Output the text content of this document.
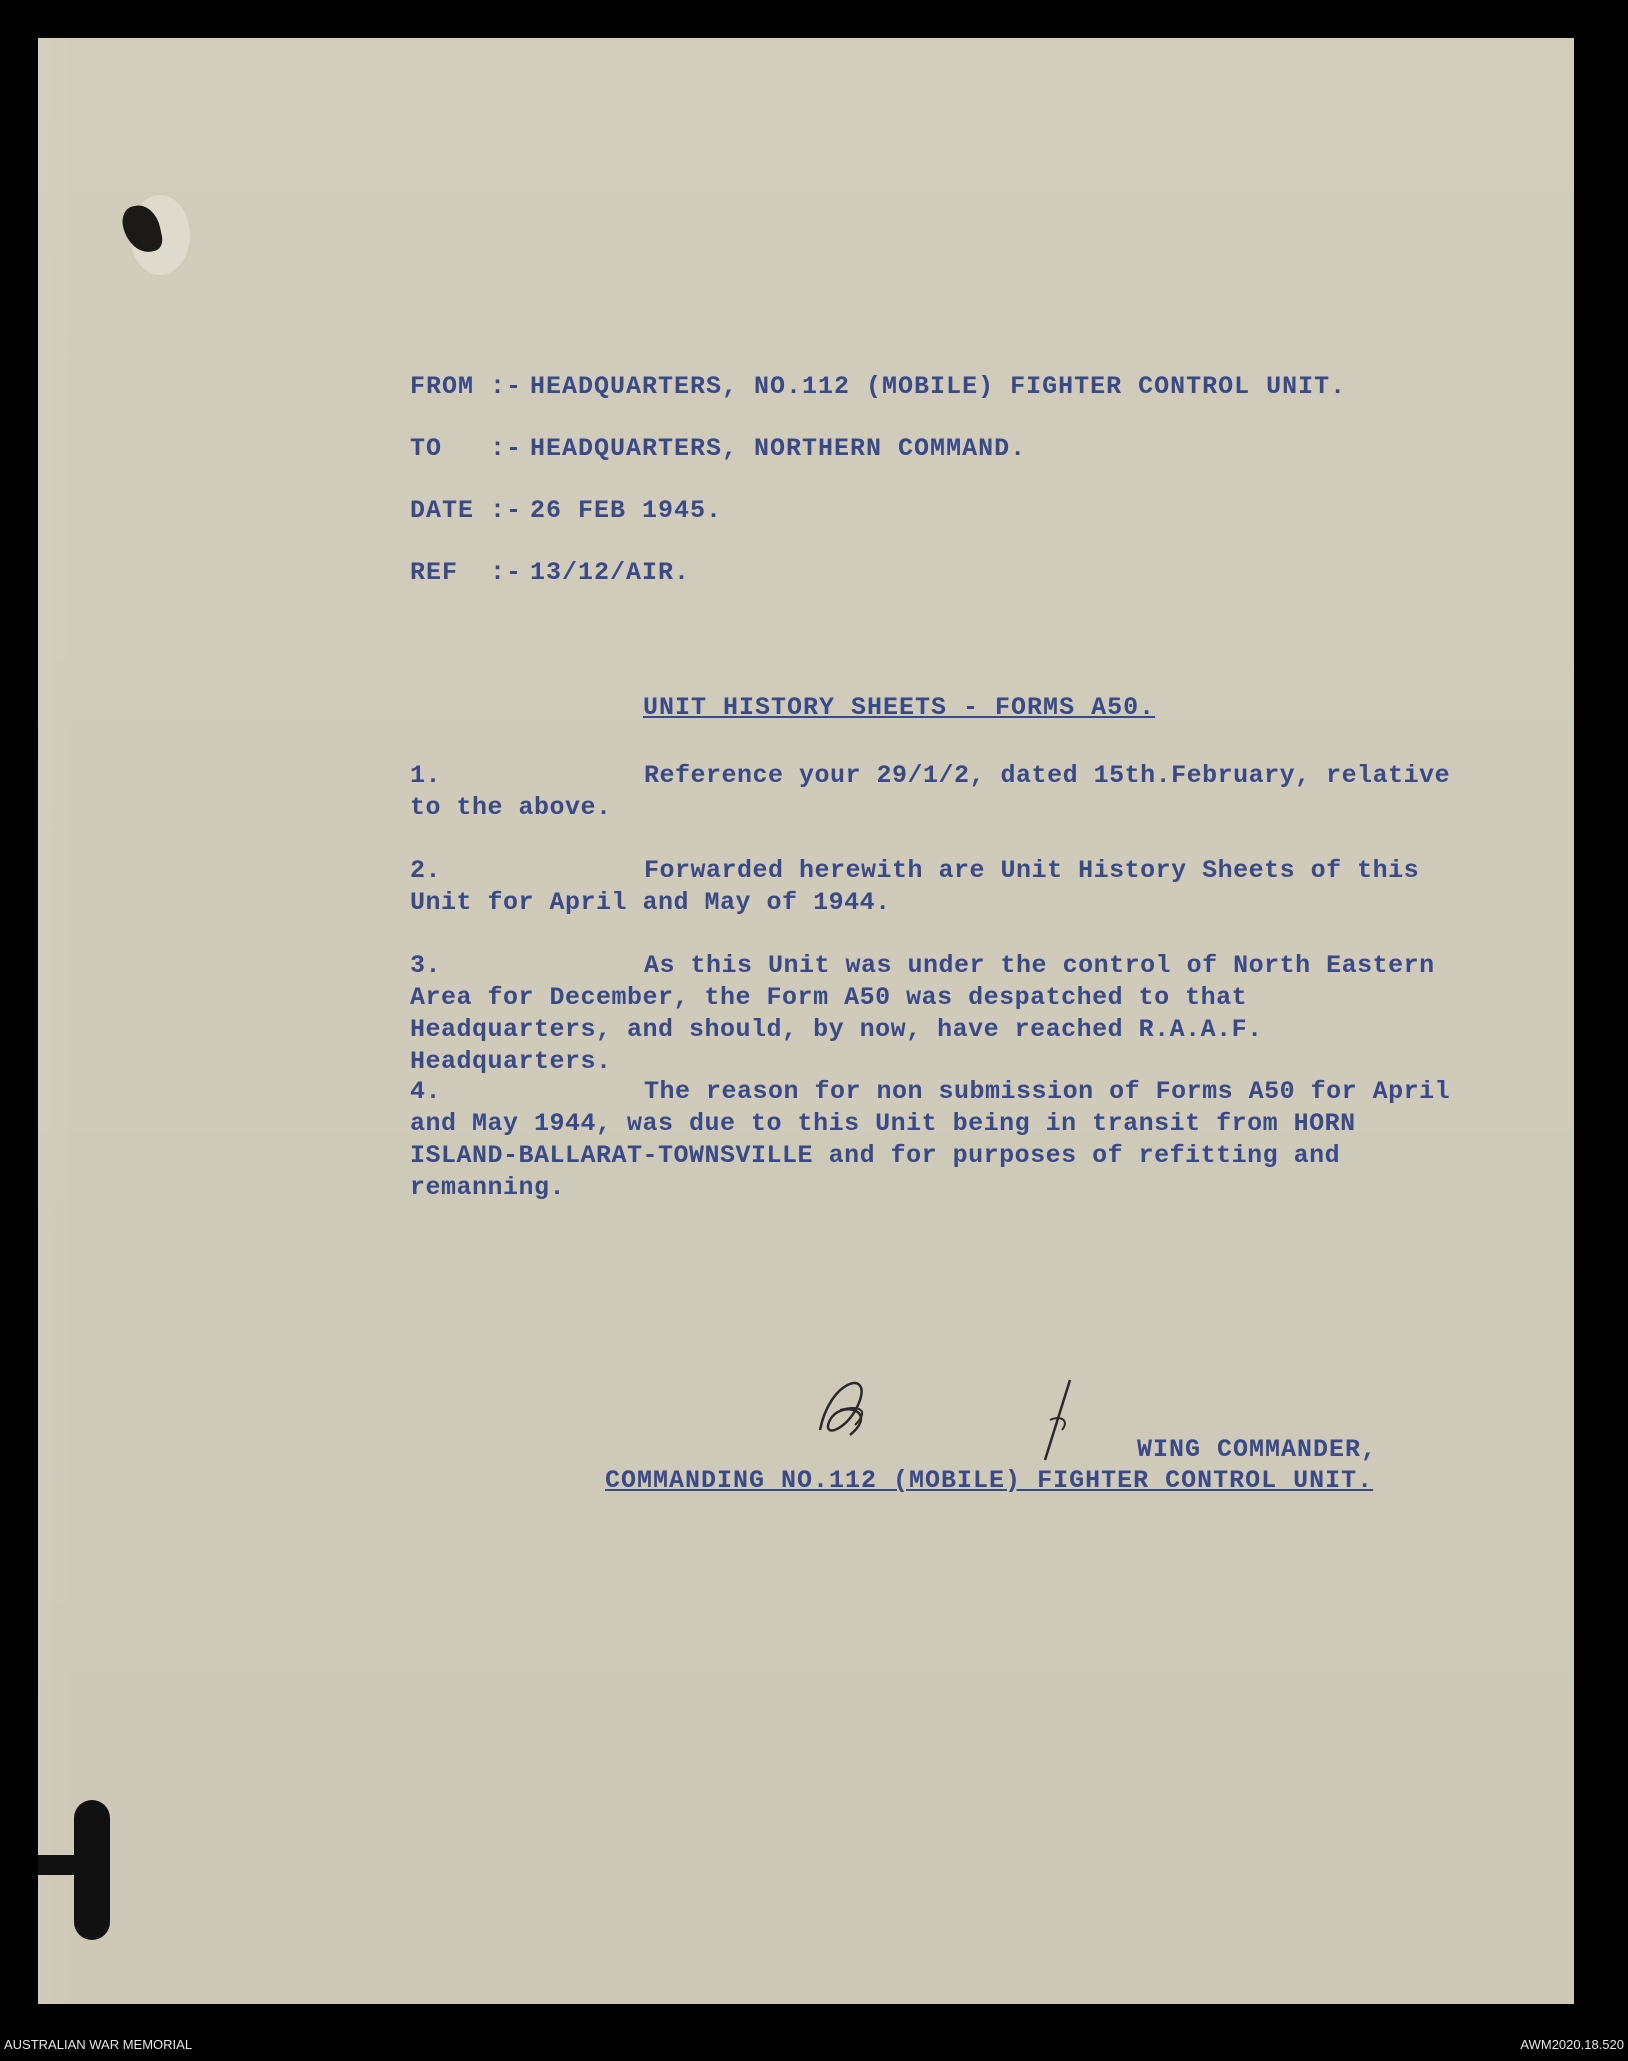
FROM :- HEADQUARTERS, NO.112 (MOBILE) FIGHTER CONTROL UNIT.
TO :- HEADQUARTERS, NORTHERN COMMAND.
DATE :- 26 FEB 1945.
REF :- 13/12/AIR.
UNIT HISTORY SHEETS - FORMS A50.
1.	Reference your 29/1/2, dated 15th.February, relative to the above.
2.	Forwarded herewith are Unit History Sheets of this Unit for April and May of 1944.
3.	As this Unit was under the control of North Eastern Area for December, the Form A50 was despatched to that Headquarters, and should, by now, have reached R.A.A.F. Headquarters.
4.	The reason for non submission of Forms A50 for April and May 1944, was due to this Unit being in transit from HORN ISLAND-BALLARAT-TOWNSVILLE and for purposes of refitting and remanning.
WING COMMANDER,
COMMANDING NO.112 (MOBILE) FIGHTER CONTROL UNIT.
AUSTRALIAN WAR MEMORIAL	AWM2020.18.520
